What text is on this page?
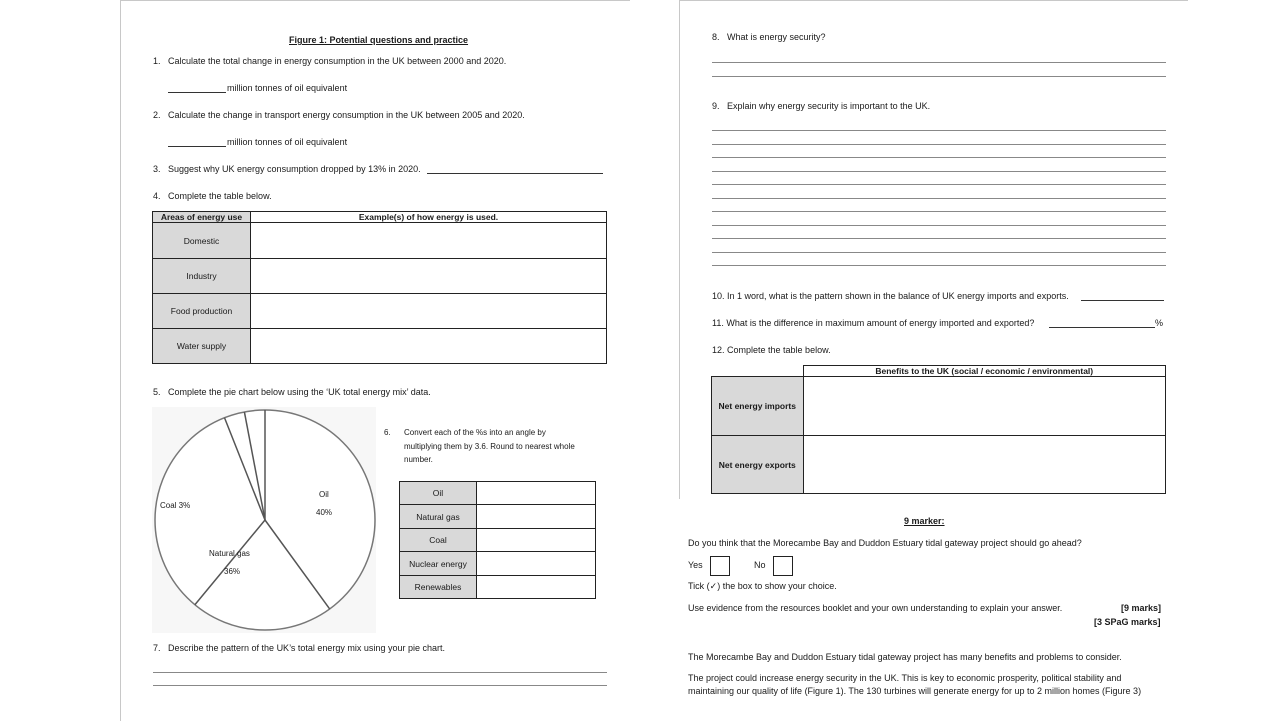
Figure 1: Potential questions and practice
1. Calculate the total change in energy consumption in the UK between 2000 and 2020.
million tonnes of oil equivalent
2. Calculate the change in transport energy consumption in the UK between 2005 and 2020.
million tonnes of oil equivalent
3. Suggest why UK energy consumption dropped by 13% in 2020.
4. Complete the table below.
Areas of energy use	Example(s) of how energy is used.
Domestic	
Industry	
Food production	
Water supply	
5. Complete the pie chart below using the ‘UK total energy mix’ data.
Oil
40%
Coal 3%
Natural gas
36%
6. Convert each of the %s into an angle by
multiplying them by 3.6. Round to nearest whole
number.
Oil	
Natural gas	
Coal	
Nuclear energy	
Renewables	
7. Describe the pattern of the UK’s total energy mix using your pie chart.
8. What is energy security?
9. Explain why energy security is important to the UK.
10. In 1 word, what is the pattern shown in the balance of UK energy imports and exports.
11. What is the difference in maximum amount of energy imported and exported?	%
12. Complete the table below.
	Benefits to the UK (social / economic / environmental)
Net energy imports	
Net energy exports	
9 marker:
Do you think that the Morecambe Bay and Duddon Estuary tidal gateway project should go ahead?
Yes	No
Tick (✓) the box to show your choice.
Use evidence from the resources booklet and your own understanding to explain your answer.	[9 marks]
[3 SPaG marks]
The Morecambe Bay and Duddon Estuary tidal gateway project has many benefits and problems to consider.
The project could increase energy security in the UK. This is key to economic prosperity, political stability and
maintaining our quality of life (Figure 1). The 130 turbines will generate energy for up to 2 million homes (Figure 3)
